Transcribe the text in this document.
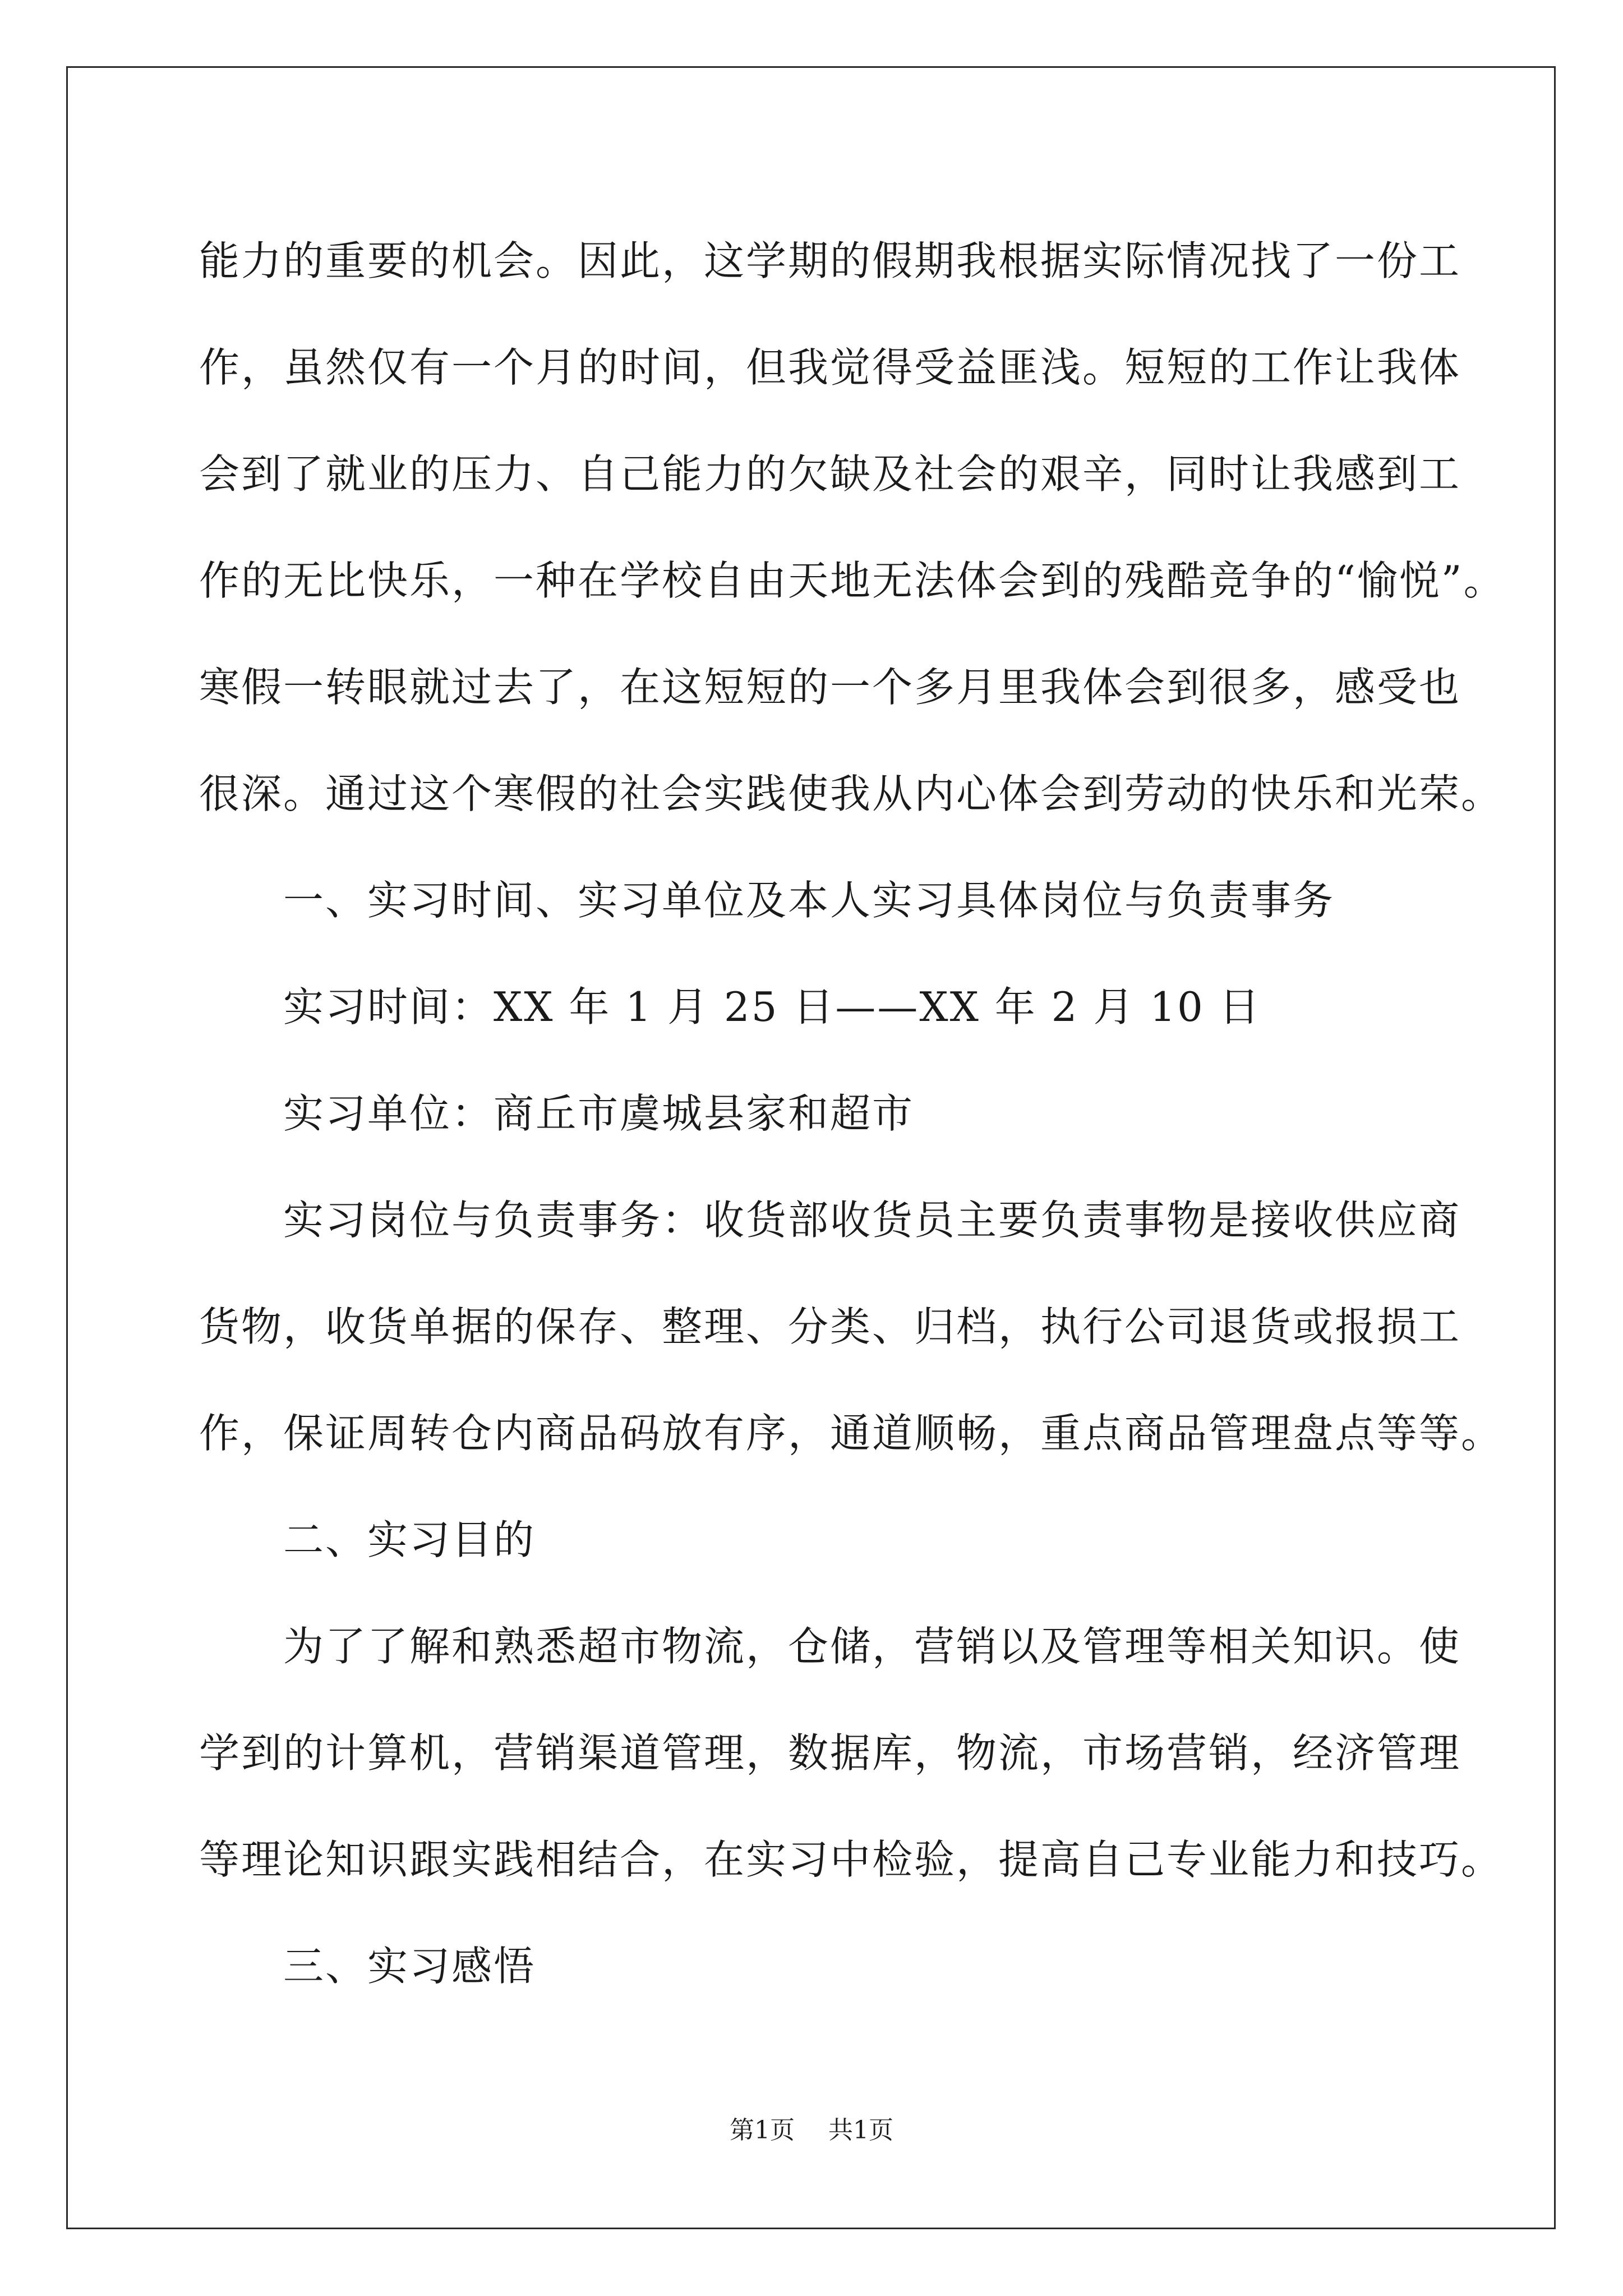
能力的重要的机会。因此，这学期的假期我根据实际情况找了一份工
作，虽然仅有一个月的时间，但我觉得受益匪浅。短短的工作让我体
会到了就业的压力、自己能力的欠缺及社会的艰辛，同时让我感到工
作的无比快乐，一种在学校自由天地无法体会到的残酷竞争的“愉悦”。
寒假一转眼就过去了，在这短短的一个多月里我体会到很多，感受也
很深。通过这个寒假的社会实践使我从内心体会到劳动的快乐和光荣。
一、实习时间、实习单位及本人实习具体岗位与负责事务
实习时间：XX 年 1 月 25 日——XX 年 2 月 10 日
实习单位：商丘市虞城县家和超市
实习岗位与负责事务：收货部收货员主要负责事物是接收供应商
货物，收货单据的保存、整理、分类、归档，执行公司退货或报损工
作，保证周转仓内商品码放有序，通道顺畅，重点商品管理盘点等等。
二、实习目的
为了了解和熟悉超市物流，仓储，营销以及管理等相关知识。使
学到的计算机，营销渠道管理，数据库，物流，市场营销，经济管理
等理论知识跟实践相结合，在实习中检验，提高自己专业能力和技巧。
三、实习感悟
第1页 共1页
